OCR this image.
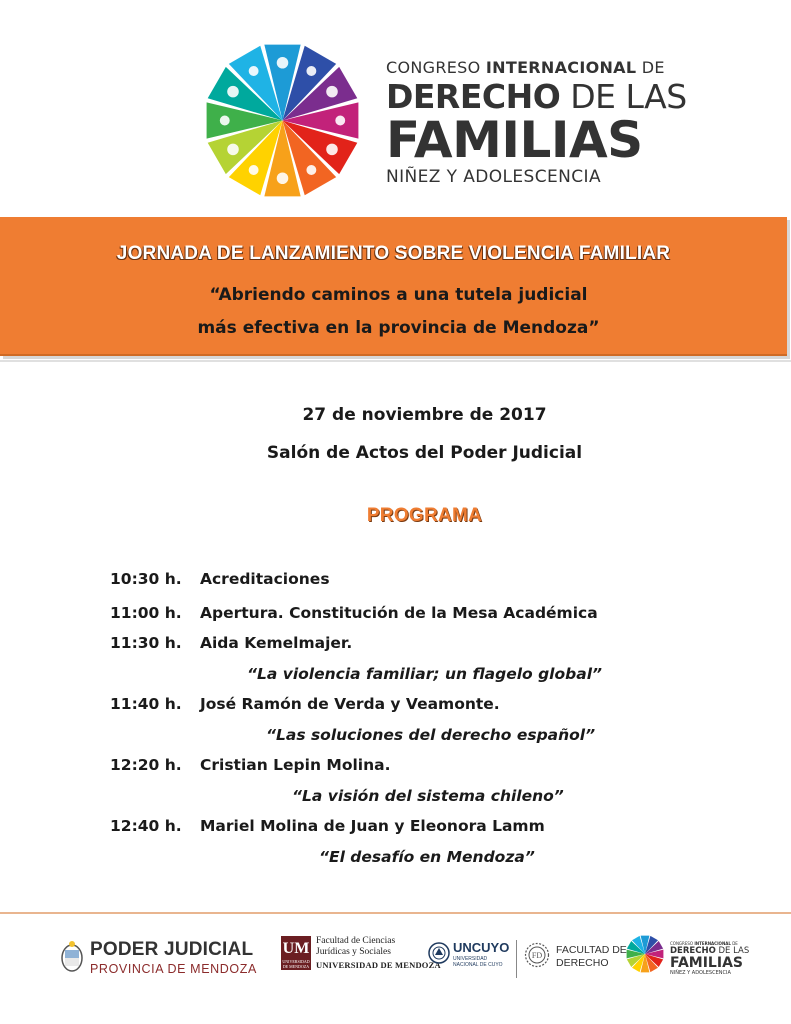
CONGRESO INTERNACIONAL DE
DERECHO DE LAS
FAMILIAS
NIÑEZ Y ADOLESCENCIA
JORNADA DE LANZAMIENTO SOBRE VIOLENCIA FAMILIAR
“Abriendo caminos a una tutela judicial
más efectiva en la provincia de Mendoza”
27 de noviembre de 2017
Salón de Actos del Poder Judicial
PROGRAMA
10:30 h.	Acreditaciones
11:00 h.	Apertura. Constitución de la Mesa Académica
11:30 h.	Aida Kemelmajer.
“La violencia familiar; un flagelo global”
11:40 h.	José Ramón de Verda y Veamonte.
“Las soluciones del derecho español”
12:20 h.	Cristian Lepin Molina.
“La visión del sistema chileno”
12:40 h.	Mariel Molina de Juan y Eleonora Lamm
“El desafío en Mendoza”
PODER JUDICIAL
PROVINCIA DE MENDOZA
UM
UNIVERSIDAD DE MENDOZA
Facultad de Ciencias
Jurídicas y Sociales
UNIVERSIDAD DE MENDOZA
UNCUYO
UNIVERSIDAD
NACIONAL DE CUYO
FD FACULTAD DE
DERECHO
CONGRESO INTERNACIONAL DE
DERECHO DE LAS
FAMILIAS
NIÑEZ Y ADOLESCENCIA
